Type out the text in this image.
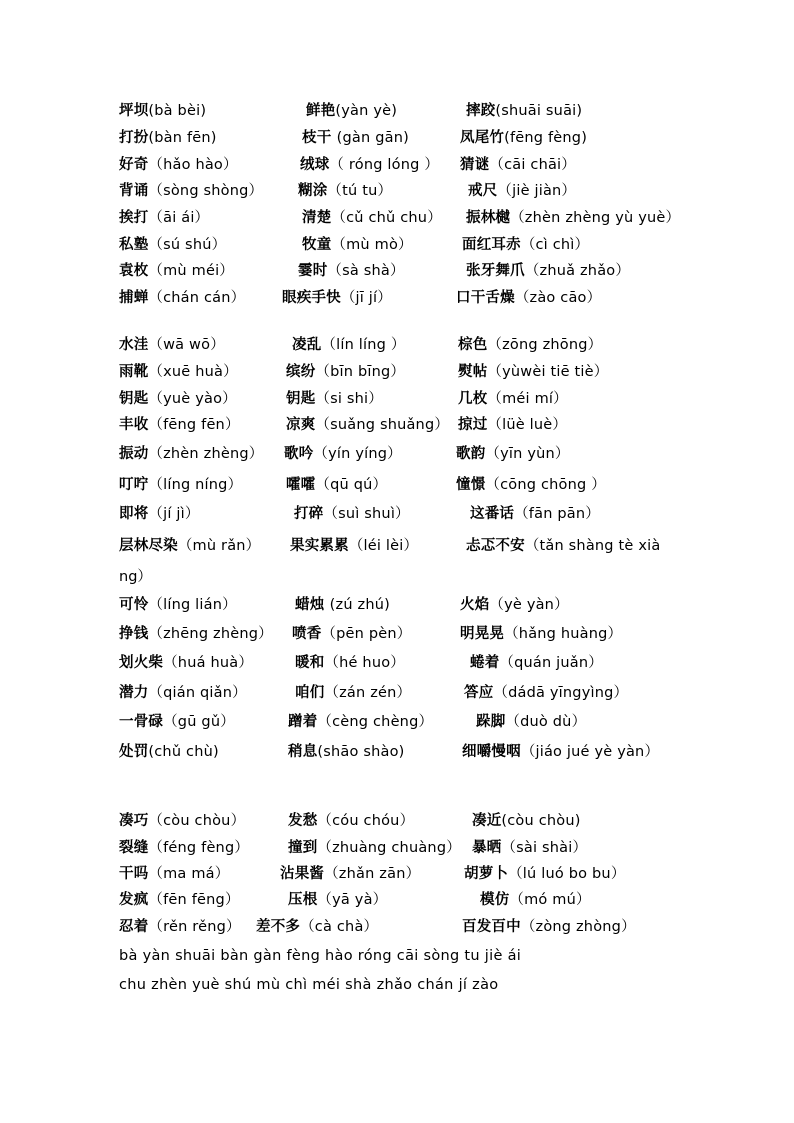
坪坝(bà bèi)	鲜艳(yàn yè)	摔跤(shuāi suāi)
打扮(bàn fēn)	枝干 (gàn gān)	凤尾竹(fēng fèng)
好奇（hǎo hào）	绒球（ róng lóng ） 猜谜（cāi chāi）
背诵（sòng shòng） 糊涂（tú tu）	戒尺（jiè jiàn）
挨打（āi ái）	清楚（cǔ chǔ chu） 振林樾（zhèn zhèng yù yuè）
私塾（sú shú）	牧童（mù mò）	面红耳赤（cì chì）
袁枚（mù méi）	霎时（sà shà）	张牙舞爪（zhuǎ zhǎo）
捕蝉（chán cán）	眼疾手快（jī jí）	口干舌燥（zào cāo）
水洼（wā wō）	凌乱（lín líng ）	棕色（zōng zhōng）
雨靴（xuē huà）	缤纷（bīn bīng）	熨帖（yùwèi tiē tiè）
钥匙（yuè yào）	钥匙（si shi）	几枚（méi mí）
丰收（fēng fēn）	凉爽（suǎng shuǎng） 掠过（lüè luè）
振动（zhèn zhèng） 歌吟（yín yíng）	歌韵（yīn yùn）
叮咛（líng níng）	嚯嚯（qū qú）	憧憬（cōng chōng ）
即将（jí jì）	打碎（suì shuì）	这番话（fān pān）
层林尽染（mù rǎn） 果实累累（léi lèi）	忐忑不安（tǎn shàng tè xià
可怜（líng lián）	蜡烛 (zú zhú)	火焰（yè yàn）
挣钱（zhēng zhèng） 喷香（pēn pèn）	明晃晃（hǎng huàng）
划火柴（huá huà）	暖和（hé huo）	蜷着（quán juǎn）
潜力（qián qiǎn）	咱们（zán zén）	答应（dádā yīngyìng）
一骨碌（gū gǔ）	蹭着（cèng chèng）	跺脚（duò dù）
处罚(chǔ chù)	稍息(shāo shào)	细嚼慢咽（jiáo jué yè yàn）
凑巧（còu chòu）	发愁（cóu chóu）	凑近(còu chòu)
裂缝（féng fèng）	撞到（zhuàng chuàng） 暴晒（sài shài）
干吗（ma má）	沾果酱（zhǎn zān）	胡萝卜（lú luó bo bu）
发疯（fēn fēng）	压根（yā yà）	模仿（mó mú）
忍着（rěn rěng） 差不多（cà chà）	百发百中（zòng zhòng）
ng）
bà yàn shuāi bàn gàn fèng hào róng cāi sòng tu jiè ái
chu zhèn yuè shú mù chì méi shà zhǎo chán jí zào
